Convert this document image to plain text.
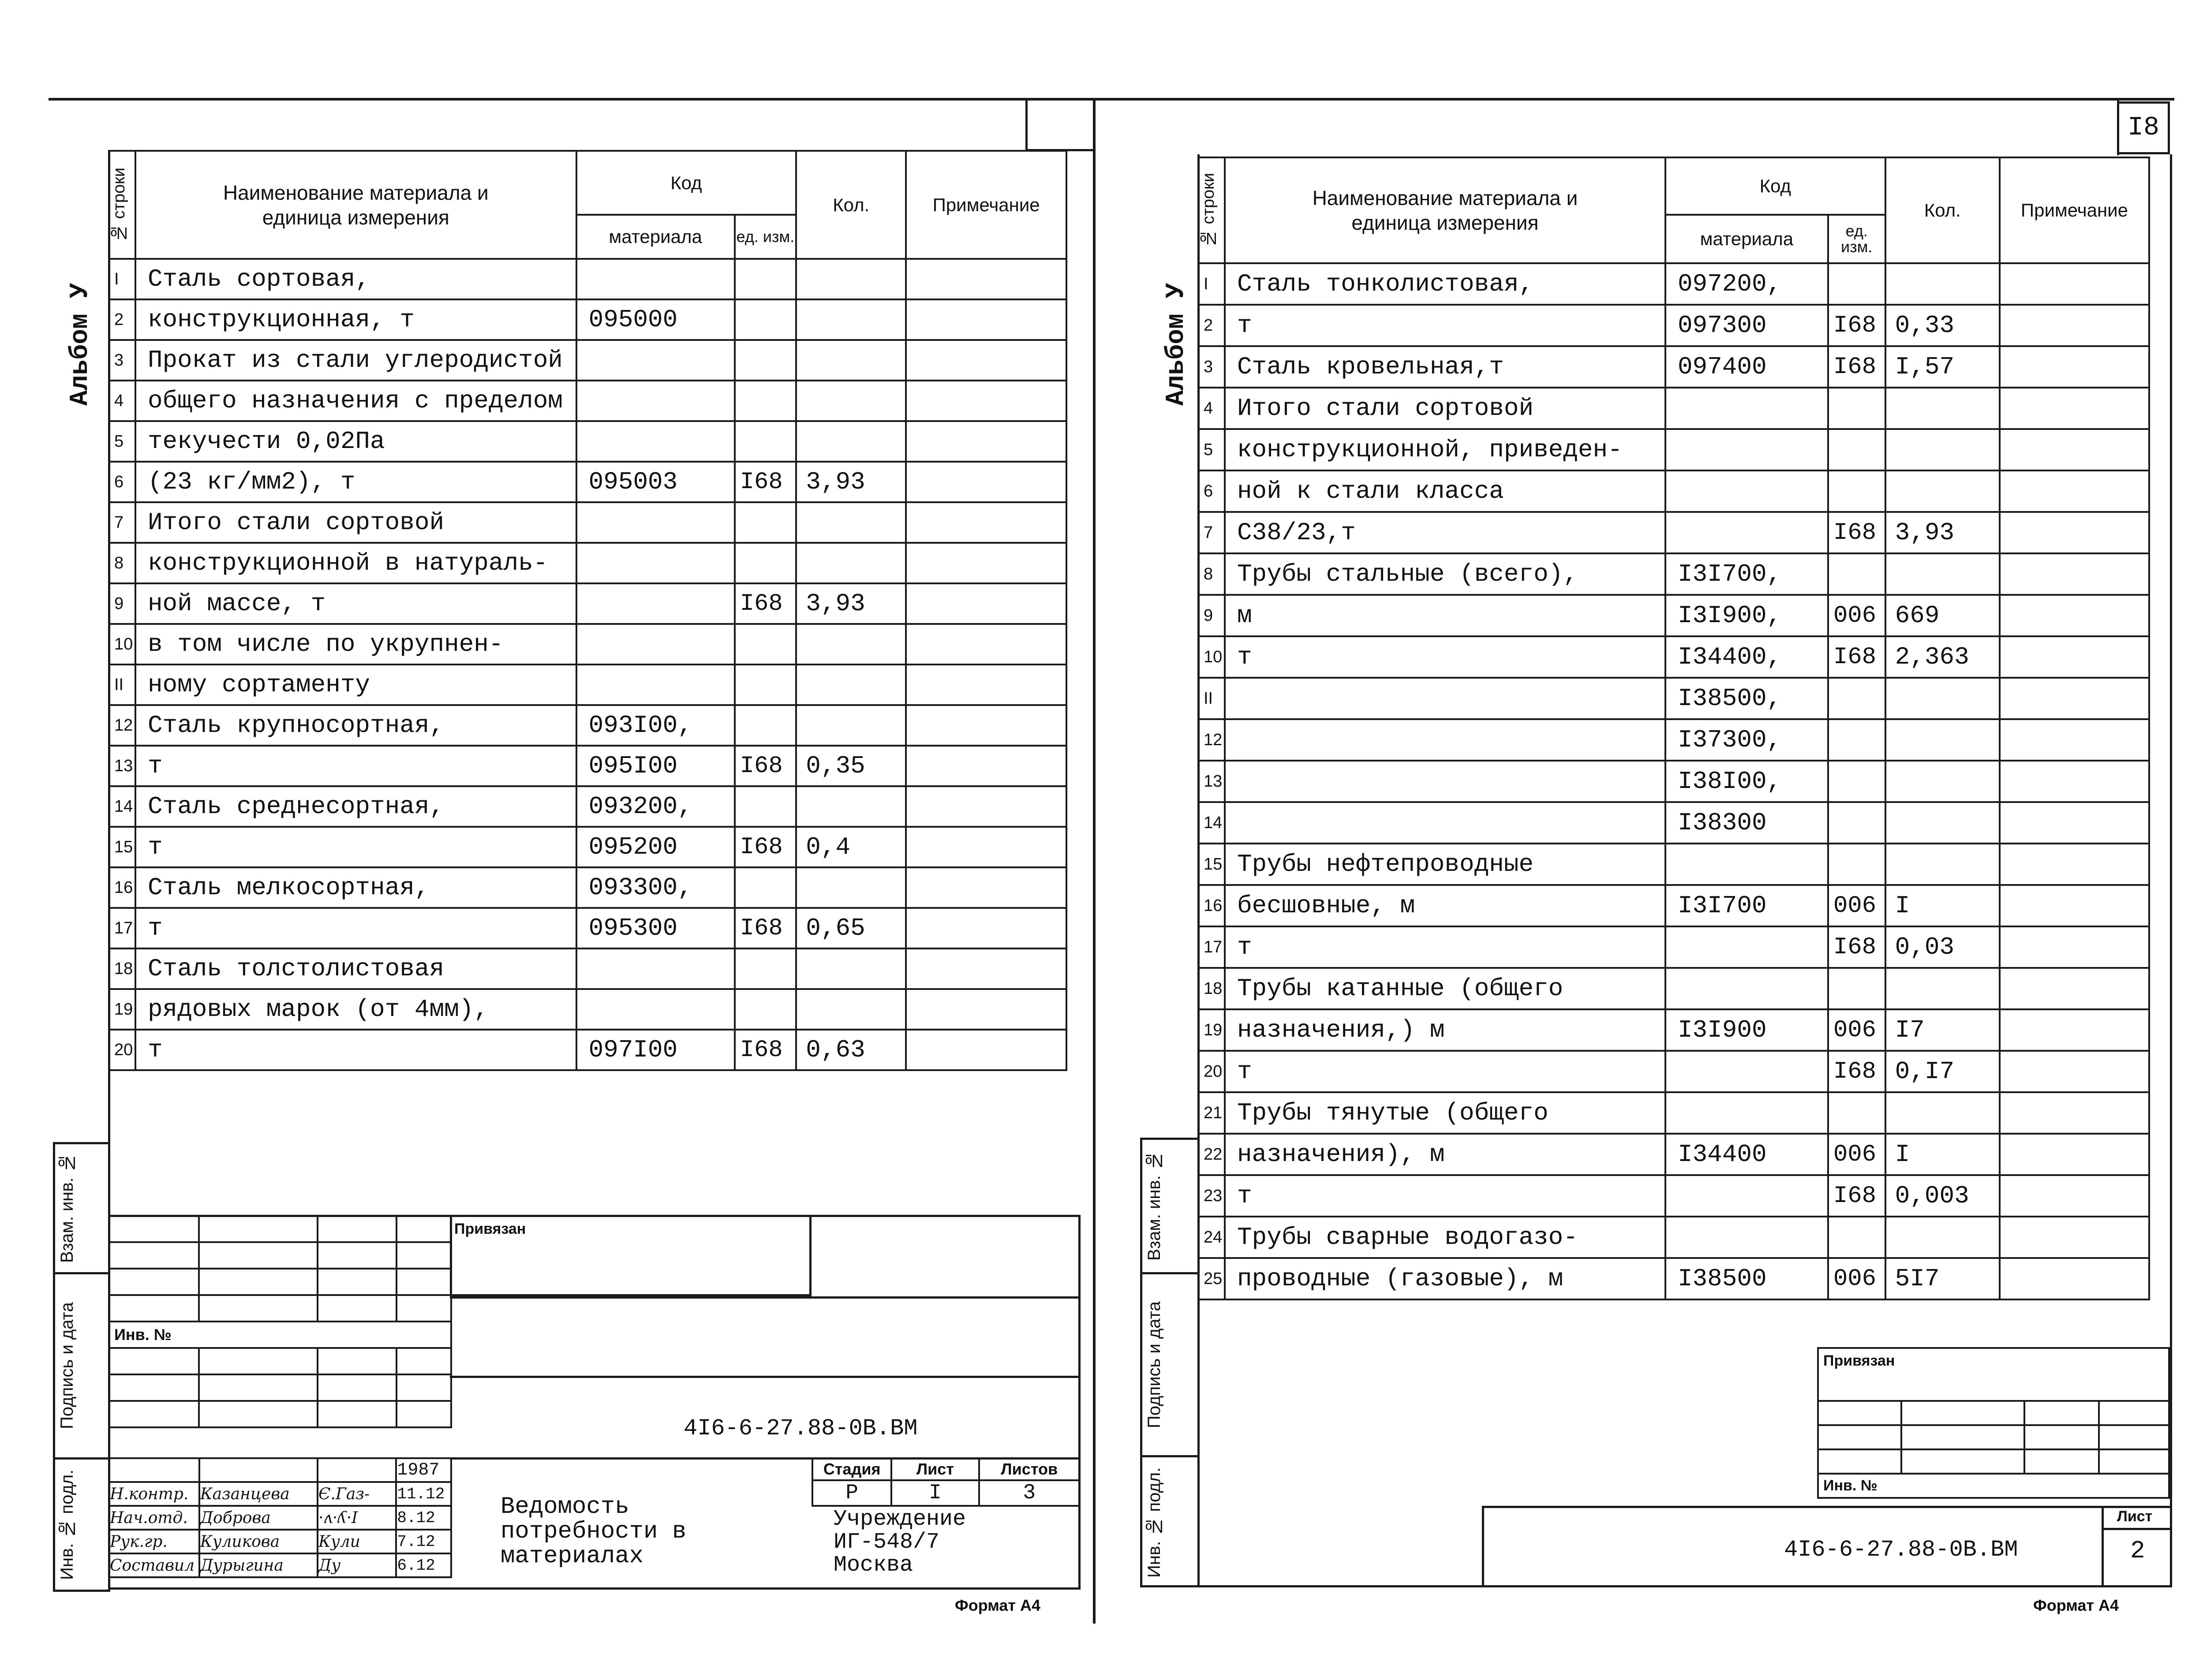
I8
Альбом У
№ строки	Наименование материала и единица измерения	Код		Кол.	Примечание
		материала	ед. изм.		
I	Сталь сортовая,				
2	конструкционная, т	095000			
3	Прокат из стали углеродистой				
4	общего назначения с пределом				
5	текучести 0,02Па				
6	(23 кг/мм2), т	095003	I68	3,93	
7	Итого стали сортовой				
8	конструкционной в натураль-				
9	ной массе, т		I68	3,93	
10	в том числе по укрупнен-				
II	ному сортаменту				
12	Сталь крупносортная,	093I00,			
13	т	095I00	I68	0,35	
14	Сталь среднесортная,	093200,			
15	т	095200	I68	0,4	
16	Сталь мелкосортная,	093300,			
17	т	095300	I68	0,65	
18	Сталь толстолистовая				
19	рядовых марок (от 4мм),				
20	т	097I00	I68	0,63	
Взам. инв. №
Подпись и дата
Инв. № подл.

Инв. №			

Привязан
4I6-6-27.88-0B.BM
			1987
Н.контр.	Казанцева	Є.Газ-	11.12
Нач.отд.	Доброва	·ʌ·ʎ·I	8.12
Рук.гр.	Куликова	Кули	7.12
Составил	Дурыгина	Ду	6.12
Ведомость потребности в материалах
Стадия	Лист	Листов
Р	I	3
Учреждение
ИГ-548/7
Москва
Формат А4
Альбом У
№ строки	Наименование материала и единица измерения	Код		Кол.	Примечание
		материала	ед. изм.		
I	Сталь тонколистовая,	097200,			
2	т	097300	I68	0,33	
3	Сталь кровельная,т	097400	I68	I,57	
4	Итого стали сортовой				
5	конструкционной, приведен-				
6	ной к стали класса				
7	С38/23,т		I68	3,93	
8	Трубы стальные (всего),	I3I700,			
9	м	I3I900,	006	669	
10	т	I34400,	I68	2,363	
II		I38500,			
12		I37300,			
13		I38I00,			
14		I38300			
15	Трубы нефтепроводные				
16	бесшовные, м	I3I700	006	I	
17	т		I68	0,03	
18	Трубы катанные (общего				
19	назначения,) м	I3I900	006	I7	
20	т		I68	0,I7	
21	Трубы тянутые (общего				
22	назначения), м	I34400	006	I	
23	т		I68	0,003	
24	Трубы сварные водогазо-				
25	проводные (газовые), м	I38500	006	5I7	
Взам. инв. №
Подпись и дата
Инв. № подл.
Привязан			

Инв. №			
4I6-6-27.88-0B.BM
Лист
2
Формат А4
